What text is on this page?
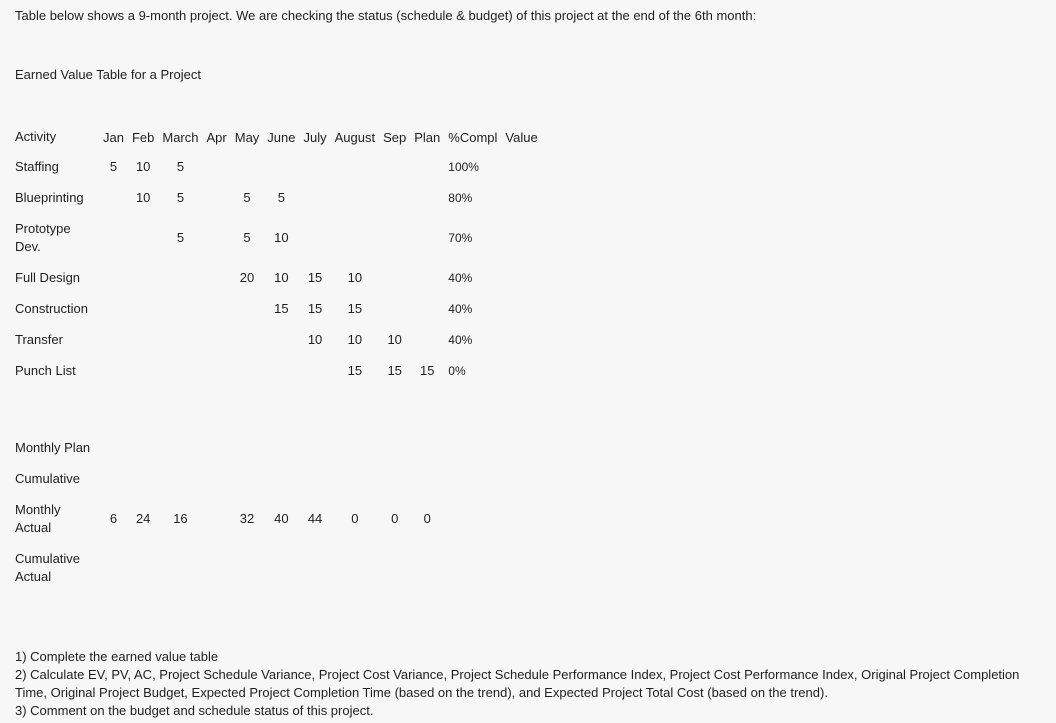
Table below shows a 9-month project. We are checking the status (schedule & budget) of this project at the end of the 6th month:
Earned Value Table for a Project
Activity	Jan	Feb	March	Apr	May	June	July	August	Sep	Plan	%Compl	Value
Staffing	5	10	5								100%	
Blueprinting		10	5		5	5					80%	
Prototype Dev.			5		5	10					70%	
Full Design					20	10	15	10			40%	
Construction						15	15	15			40%	
Transfer							10	10	10		40%	
Punch List								15	15	15	0%	

Monthly Plan												
Cumulative												
Monthly Actual	6	24	16		32	40	44	0	0	0		
Cumulative Actual												
1) Complete the earned value table
2) Calculate EV, PV, AC, Project Schedule Variance, Project Cost Variance, Project Schedule Performance Index, Project Cost Performance Index, Original Project Completion Time, Original Project Budget, Expected Project Completion Time (based on the trend), and Expected Project Total Cost (based on the trend).
3) Comment on the budget and schedule status of this project.
